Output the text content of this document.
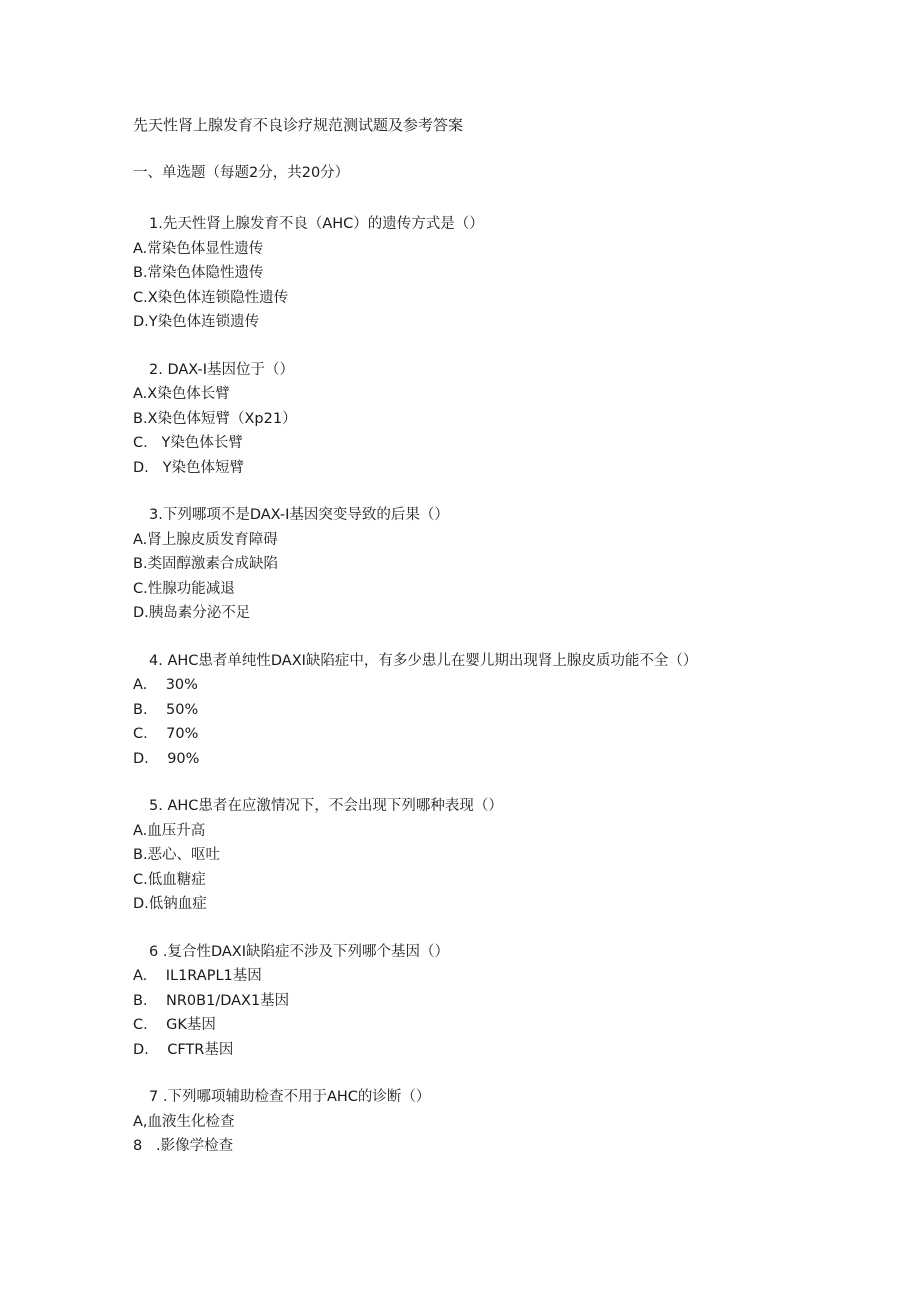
先天性肾上腺发育不良诊疗规范测试题及参考答案
一、单选题（每题2分，共20分）
1.先天性肾上腺发育不良（AHC）的遗传方式是（）
A.常染色体显性遗传
B.常染色体隐性遗传
C.X染色体连锁隐性遗传
D.Y染色体连锁遗传
2. DAX-I基因位于（）
A.X染色体长臂
B.X染色体短臂（Xp21）
C.   Y染色体长臂
D.   Y染色体短臂
3.下列哪项不是DAX-I基因突变导致的后果（）
A.肾上腺皮质发育障碍
B.类固醇激素合成缺陷
C.性腺功能减退
D.胰岛素分泌不足
4. AHC患者单纯性DAXI缺陷症中，有多少患儿在婴儿期出现肾上腺皮质功能不全（）
A.    30%
B.    50%
C.    70%
D.    90%
5. AHC患者在应激情况下，不会出现下列哪种表现（）
A.血压升高
B.恶心、呕吐
C.低血糖症
D.低钠血症
6 .复合性DAXI缺陷症不涉及下列哪个基因（）
A.    IL1RAPL1基因
B.    NR0B1/DAX1基因
C.    GK基因
D.    CFTR基因
7 .下列哪项辅助检查不用于AHC的诊断（）
A,血液生化检查
8   .影像学检查
